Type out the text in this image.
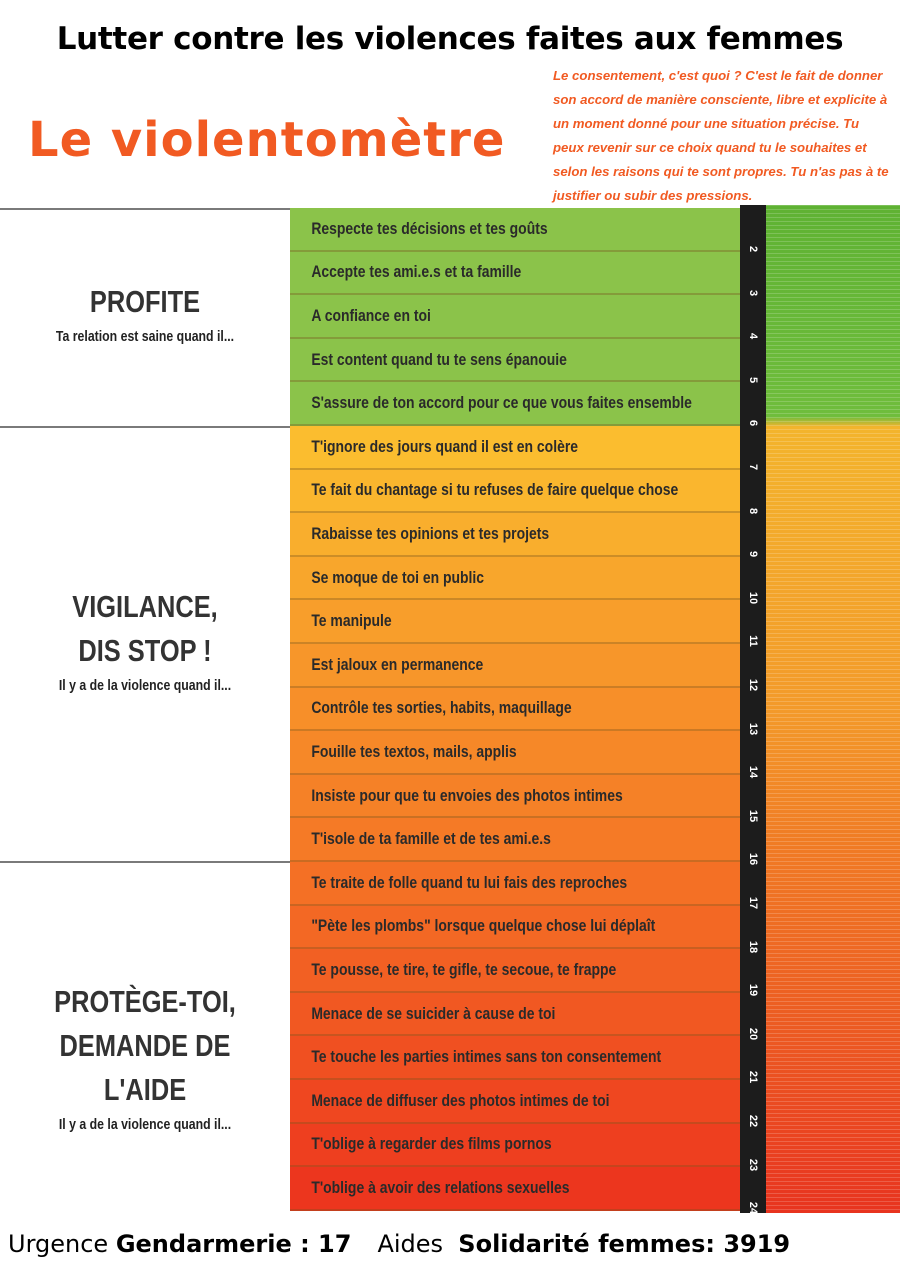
Lutter contre les violences faites aux femmes
Le violentomètre
Le consentement, c'est quoi ? C'est le fait de donner son accord de manière consciente, libre et explicite à un moment donné pour une situation précise. Tu peux revenir sur ce choix quand tu le souhaites et selon les raisons qui te sont propres. Tu n'as pas à te justifier ou subir des pressions.
PROFITE

Ta relation est saine quand il...

VIGILANCE,
DIS STOP !

Il y a de la violence quand il...

PROTÈGE-TOI,
DEMANDE DE L'AIDE

Il y a de la violence quand il...

Respecte tes décisions et tes goûts
Accepte tes ami.e.s et ta famille
A confiance en toi
Est content quand tu te sens épanouie
S'assure de ton accord pour ce que vous faites ensemble
T'ignore des jours quand il est en colère
Te fait du chantage si tu refuses de faire quelque chose
Rabaisse tes opinions et tes projets
Se moque de toi en public
Te manipule
Est jaloux en permanence
Contrôle tes sorties, habits, maquillage
Fouille tes textos, mails, applis
Insiste pour que tu envoies des photos intimes
T'isole de ta famille et de tes ami.e.s
Te traite de folle quand tu lui fais des reproches
"Pète les plombs" lorsque quelque chose lui déplaît
Te pousse, te tire, te gifle, te secoue, te frappe
Menace de se suicider à cause de toi
Te touche les parties intimes sans ton consentement
Menace de diffuser des photos intimes de toi
T'oblige à regarder des films pornos
T'oblige à avoir des relations sexuelles
2
3
4
5
6
7
8
9
10
11
12
13
14
15
16
17
18
19
20
21
22
23
24
Urgence
Gendarmerie : 17 Aides
Solidarité femmes: 3919
